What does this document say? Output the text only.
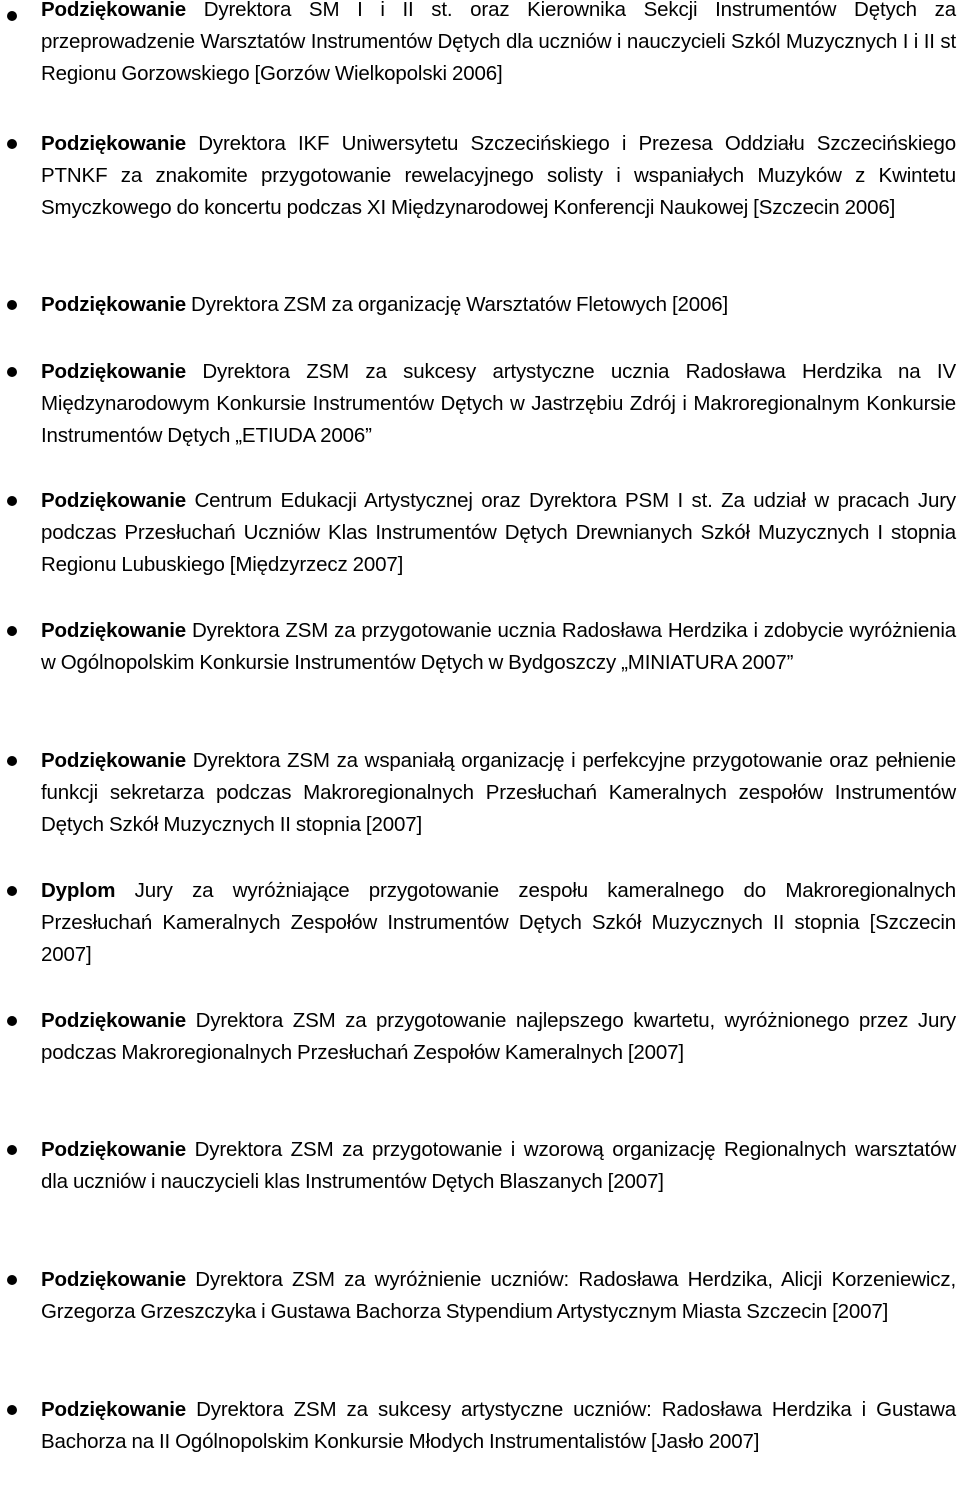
Podziękowanie Dyrektora SM I i II st. oraz Kierownika Sekcji Instrumentów Dętych za przeprowadzenie Warsztatów Instrumentów Dętych dla uczniów i nauczycieli Szkól Muzycznych I i II st Regionu Gorzowskiego [Gorzów Wielkopolski 2006]
Podziękowanie Dyrektora IKF Uniwersytetu Szczecińskiego i Prezesa Oddziału Szczecińskiego PTNKF za znakomite przygotowanie rewelacyjnego solisty i wspaniałych Muzyków z Kwintetu Smyczkowego do koncertu podczas XI Międzynarodowej Konferencji Naukowej [Szczecin 2006]
Podziękowanie Dyrektora ZSM za organizację Warsztatów Fletowych [2006]
Podziękowanie Dyrektora ZSM za sukcesy artystyczne ucznia Radosława Herdzika na IV Międzynarodowym Konkursie Instrumentów Dętych w Jastrzębiu Zdrój i Makroregionalnym Konkursie Instrumentów Dętych „ETIUDA 2006”
Podziękowanie Centrum Edukacji Artystycznej oraz Dyrektora PSM I st. Za udział w pracach Jury podczas Przesłuchań Uczniów Klas Instrumentów Dętych Drewnianych Szkół Muzycznych I stopnia Regionu Lubuskiego [Międzyrzecz 2007]
Podziękowanie Dyrektora ZSM za przygotowanie ucznia Radosława Herdzika i zdobycie wyróżnienia w Ogólnopolskim Konkursie Instrumentów Dętych w Bydgoszczy „MINIATURA 2007”
Podziękowanie Dyrektora ZSM za wspaniałą organizację i perfekcyjne przygotowanie oraz pełnienie funkcji sekretarza podczas Makroregionalnych Przesłuchań Kameralnych zespołów Instrumentów Dętych Szkół Muzycznych II stopnia [2007]
Dyplom Jury za wyróżniające przygotowanie zespołu kameralnego do Makroregionalnych Przesłuchań Kameralnych Zespołów Instrumentów Dętych Szkół Muzycznych II stopnia [Szczecin 2007]
Podziękowanie Dyrektora ZSM za przygotowanie najlepszego kwartetu, wyróżnionego przez Jury podczas Makroregionalnych Przesłuchań Zespołów Kameralnych [2007]
Podziękowanie Dyrektora ZSM za przygotowanie i wzorową organizację Regionalnych warsztatów dla uczniów i nauczycieli klas Instrumentów Dętych Blaszanych [2007]
Podziękowanie Dyrektora ZSM za wyróżnienie uczniów: Radosława Herdzika, Alicji Korzeniewicz, Grzegorza Grzeszczyka i Gustawa Bachorza Stypendium Artystycznym Miasta Szczecin [2007]
Podziękowanie Dyrektora ZSM za sukcesy artystyczne uczniów: Radosława Herdzika i Gustawa Bachorza na II Ogólnopolskim Konkursie Młodych Instrumentalistów [Jasło 2007]
